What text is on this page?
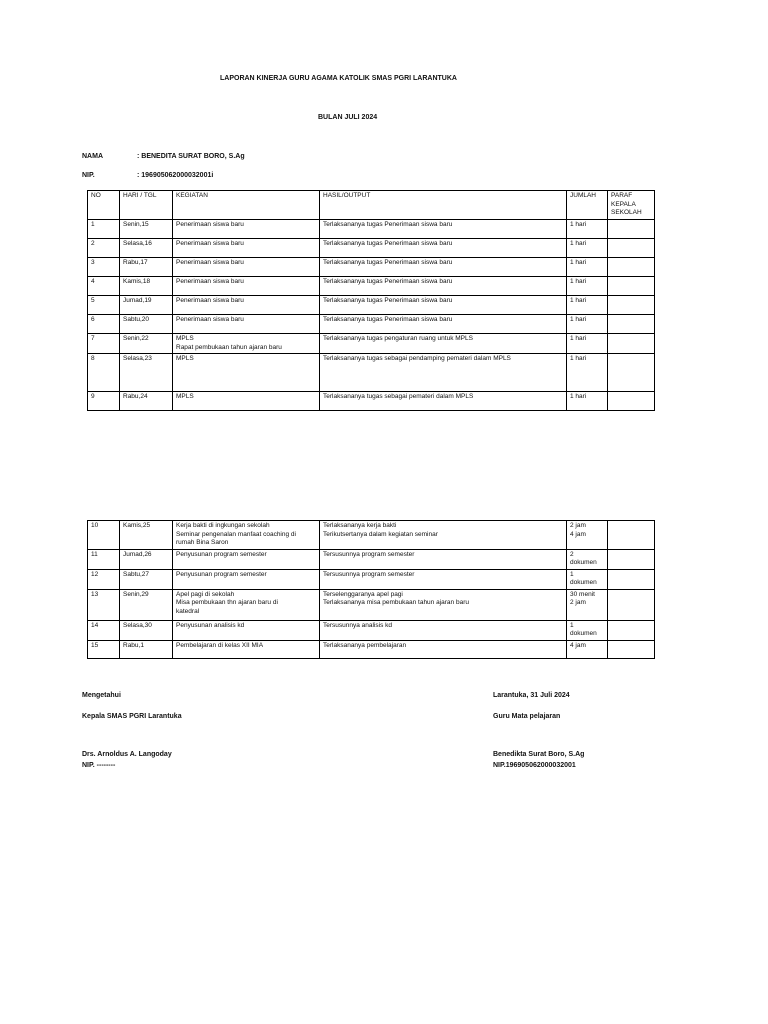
LAPORAN KINERJA GURU AGAMA KATOLIK SMAS PGRI LARANTUKA
BULAN JULI 2024
NAMA	: BENEDITA SURAT BORO, S.Ag
NIP.	: 196905062000032001i
NO	HARI / TGL	KEGIATAN	HASIL/OUTPUT	JUMLAH	PARAF KEPALA SEKOLAH
1	Senin,15	Penerimaan siswa baru	Terlaksananya tugas Penerimaan siswa baru	1 hari	

2	Selasa,16	Penerimaan siswa baru	Terlaksananya tugas Penerimaan siswa baru	1 hari	

3	Rabu,17	Penerimaan siswa baru	Terlaksananya tugas Penerimaan siswa baru	1 hari	

4	Kamis,18	Penerimaan siswa baru	Terlaksananya tugas Penerimaan siswa baru	1 hari	

5	Jumad,19	Penerimaan siswa baru	Terlaksananya tugas Penerimaan siswa baru	1 hari	

6	Sabtu,20	Penerimaan siswa baru	Terlaksananya tugas Penerimaan siswa baru	1 hari	

7	Senin,22	MPLS
Rapat pembukaan tahun ajaran baru	Terlaksananya tugas pengaturan ruang untuk MPLS	1 hari	

8	Selasa,23	MPLS	Terlaksananya tugas sebagai pendamping pemateri dalam MPLS	1 hari	

9	Rabu,24	MPLS	Terlaksananya tugas sebagai pemateri dalam MPLS	1 hari	

10	Kamis,25	Kerja bakti di ingkungan sekolah
Seminar pengenalan manfaat coaching di
rumah Bina Saron	Terlaksananya kerja bakti
Terikutsertanya dalam kegiatan seminar	2 jam
4 jam	

11	Jumad,26	Penyusunan program semester	Tersusunnya program semester	2
dokumen	

12	Sabtu,27	Penyusunan program semester	Tersusunnya program semester	1
dokumen	

13	Senin,29	Apel pagi di sekolah
Misa pembukaan thn ajaran baru di
katedral	Terselenggaranya apel pagi
Terlaksananya misa pembukaan tahun ajaran baru	30 menit
2 jam	

14	Selasa,30	Penyusunan analisis kd	Tersusunnya analisis kd	1
dokumen	

15	Rabu,1	Pembelajaran di kelas XII MIA	Terlaksananya pembelajaran	4 jam	

Mengetahui
Kepala SMAS PGRI Larantuka
Drs. Arnoldus A. Langoday
NIP. --------
Larantuka, 31 Juli 2024
Guru Mata pelajaran
Benedikta Surat Boro, S.Ag
NIP.196905062000032001
